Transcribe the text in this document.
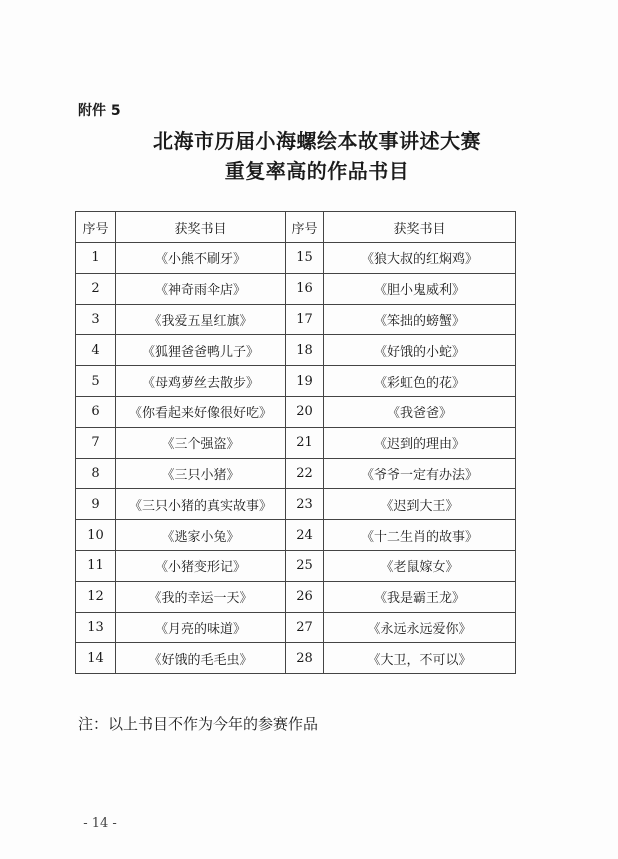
附件 5
北海市历届小海螺绘本故事讲述大赛
重复率高的作品书目
序号	获奖书目	序号	获奖书目
1	《小熊不刷牙》	15	《狼大叔的红焖鸡》
2	《神奇雨伞店》	16	《胆小鬼威利》
3	《我爱五星红旗》	17	《笨拙的螃蟹》
4	《狐狸爸爸鸭儿子》	18	《好饿的小蛇》
5	《母鸡萝丝去散步》	19	《彩虹色的花》
6	《你看起来好像很好吃》	20	《我爸爸》
7	《三个强盗》	21	《迟到的理由》
8	《三只小猪》	22	《爷爷一定有办法》
9	《三只小猪的真实故事》	23	《迟到大王》
10	《逃家小兔》	24	《十二生肖的故事》
11	《小猪变形记》	25	《老鼠嫁女》
12	《我的幸运一天》	26	《我是霸王龙》
13	《月亮的味道》	27	《永远永远爱你》
14	《好饿的毛毛虫》	28	《大卫，不可以》
注：以上书目不作为今年的参赛作品
- 14 -
